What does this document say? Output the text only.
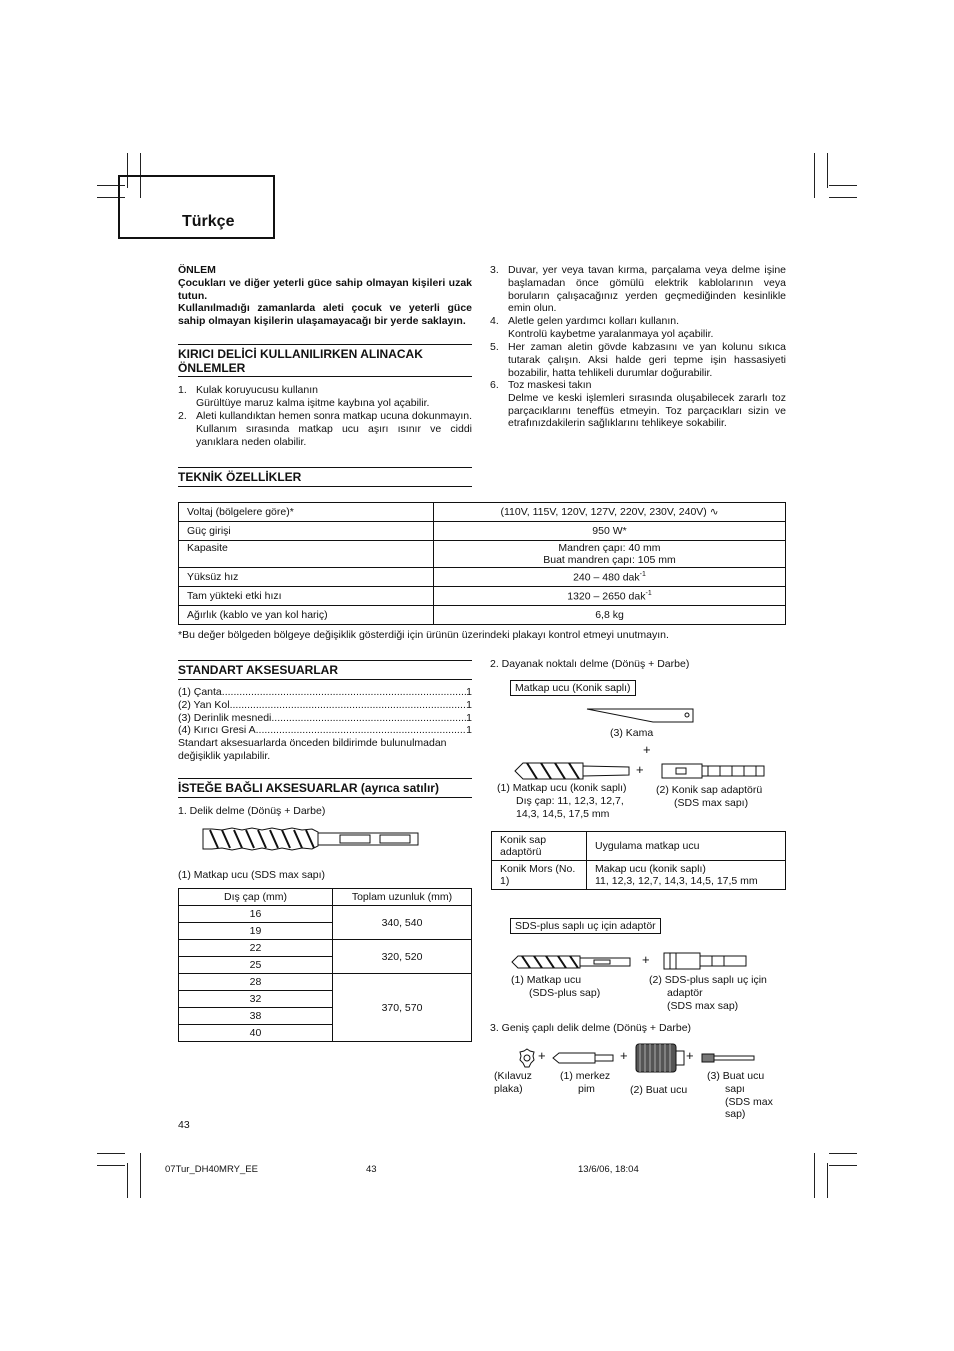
Türkçe
ÖNLEM
Çocukları ve diğer yeterli güce sahip olmayan kişileri uzak tutun.
Kullanılmadığı zamanlarda aleti çocuk ve yeterli güce sahip olmayan kişilerin ulaşamayacağı bir yerde saklayın.
KIRICI DELİCİ KULLANILIRKEN ALINACAK ÖNLEMLER
1. Kulak koruyucusu kullanın
Gürültüye maruz kalma işitme kaybına yol açabilir.
2. Aleti kullandıktan hemen sonra matkap ucuna dokunmayın. Kullanım sırasında matkap ucu aşırı ısınır ve ciddi yanıklara neden olabilir.
3. Duvar, yer veya tavan kırma, parçalama veya delme işine başlamadan önce gömülü elektrik kablolarının veya boruların çalışacağınız yerden geçmediğinden kesinlikle emin olun.
4. Aletle gelen yardımcı kolları kullanın.
Kontrolü kaybetme yaralanmaya yol açabilir.
5. Her zaman aletin gövde kabzasını ve yan kolunu sıkıca tutarak çalışın. Aksi halde geri tepme işin hassasiyeti bozabilir, hatta tehlikeli durumlar doğurabilir.
6. Toz maskesi takın
Delme ve keski işlemleri sırasında oluşabilecek zararlı toz parçacıklarını teneffüs etmeyin. Toz parçacıkları sizin ve etrafınızdakilerin sağlıklarını tehlikeye sokabilir.
TEKNİK ÖZELLİKLER
Voltaj (bölgelere göre)*	(110V, 115V, 120V, 127V, 220V, 230V, 240V) ∿
Güç girişi	950 W*
Kapasite	Mandren çapı: 40 mm
Buat mandren çapı: 105 mm

Yüksüz hız	240 – 480 dak$^{-1}$
Tam yükteki etki hızı	1320 – 2650 dak$^{-1}$
Ağırlık (kablo ve yan kol hariç)	6,8 kg
*Bu değer bölgeden bölgeye değişiklik gösterdiği için ürünün üzerindeki plakayı kontrol etmeyi unutmayın.
STANDART AKSESUARLAR
(1) Çanta .....	1
(2) Yan Kol .....	1
(3) Derinlik mesnedi .....	1
(4) Kırıcı Gresi A .....	1
Standart aksesuarlarda önceden bildirimde bulunulmadan değişiklik yapılabilir.
İSTEĞE BAĞLI AKSESUARLAR (ayrıca satılır)
1. Delik delme (Dönüş + Darbe)
(1) Matkap ucu (SDS max sapı)
Dış çap (mm)	Toplam uzunluk (mm)
16	340, 540
19	
22	320, 520
25	
28	370, 570
32	
38	
40	
2. Dayanak noktalı delme (Dönüş + Darbe)
Matkap ucu (Konik saplı)
(3) Kama
+
+
(1) Matkap ucu (konik saplı)
Dış çap: 11, 12,3, 12,7,
14,3, 14,5, 17,5 mm
(2) Konik sap adaptörü
(SDS max sapı)
Konik sap adaptörü	Uygulama matkap ucu
Konik Mors (No. 1)	Makap ucu (konik saplı)
11, 12,3, 12,7, 14,3, 14,5, 17,5 mm
SDS-plus saplı uç için adaptör
+
(1) Matkap ucu
(SDS-plus sap)
(2) SDS-plus saplı uç için
adaptör
(SDS max sap)
3. Geniş çaplı delik delme (Dönüş + Darbe)
+	+	+
(Kılavuz
plaka)
(1) merkez
pim	(2) Buat ucu
(3) Buat ucu
sapı
(SDS max
sap)
43
07Tur_DH40MRY_EE	43	13/6/06, 18:04
